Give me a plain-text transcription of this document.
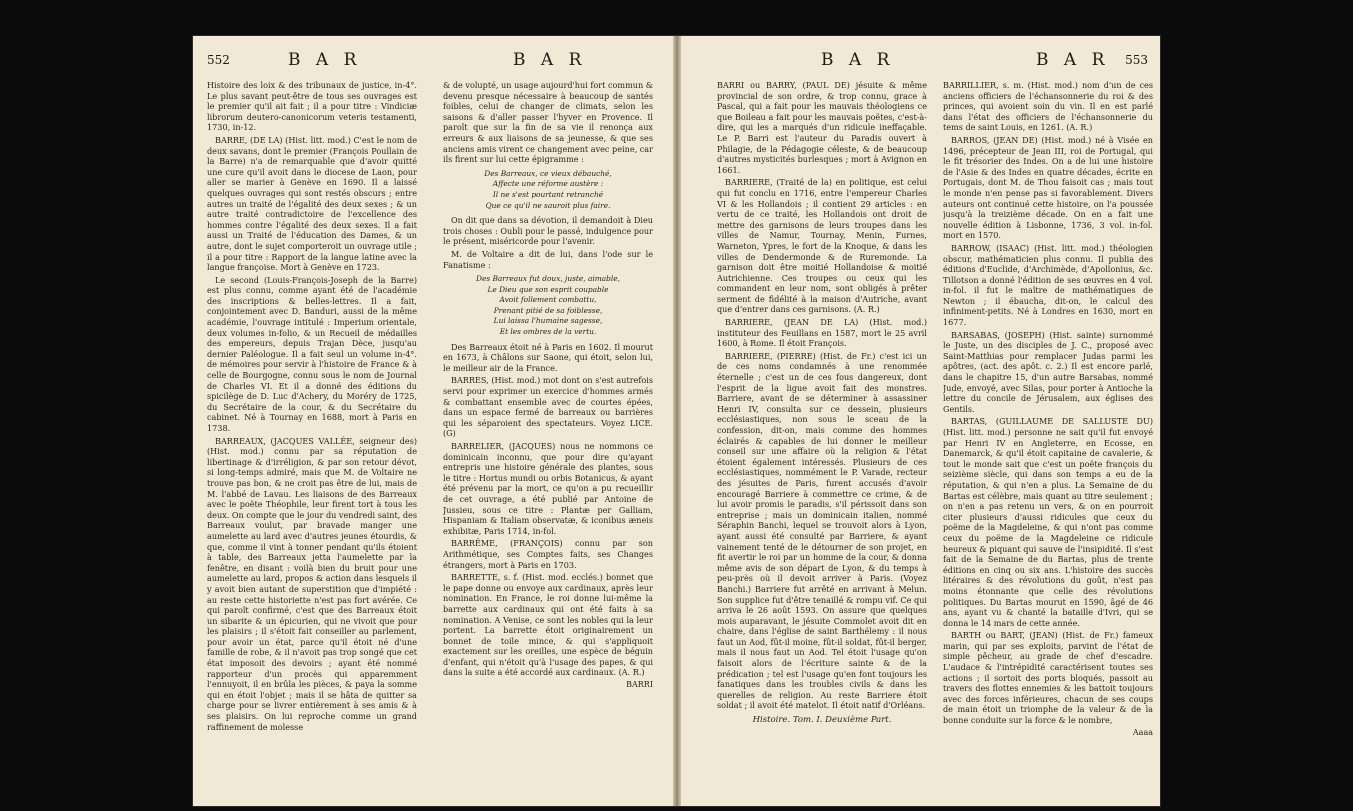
552	B A R	B A R

Histoire des loix & des tribunaux de justice, in-4°. Le plus savant peut-être de tous ses ouvrages est le premier qu'il ait fait ; il a pour titre : Vindiciæ librorum deutero-canonicorum veteris testamenti, 1730, in-12.

BARRE, (DE LA) (Hist. litt. mod.) C'est le nom de deux savans, dont le premier (François Poullain de la Barre) n'a de remarquable que d'avoir quitté une cure qu'il avoit dans le diocese de Laon, pour aller se marier à Genève en 1690. Il a laissé quelques ouvrages qui sont restés obscurs ; entre autres un traité de l'égalité des deux sexes ; & un autre traité contradictoire de l'excellence des hommes contre l'égalité des deux sexes. Il a fait aussi un Traité de l'éducation des Dames, & un autre, dont le sujet comporteroit un ouvrage utile ; il a pour titre : Rapport de la langue latine avec la langue françoise. Mort à Genève en 1723.

Le second (Louis-François-Joseph de la Barre) est plus connu, comme ayant été de l'académie des inscriptions & belles-lettres. Il a fait, conjointement avec D. Banduri, aussi de la même académie, l'ouvrage intitulé : Imperium orientale, deux volumes in-folio, & un Recueil de médailles des empereurs, depuis Trajan Dèce, jusqu'au dernier Paléologue. Il a fait seul un volume in-4°. de mémoires pour servir à l'histoire de France & à celle de Bourgogne, connu sous le nom de Journal de Charles VI. Et il a donné des éditions du spicilège de D. Luc d'Achery, du Moréry de 1725, du Secrétaire de la cour, & du Secrétaire du cabinet. Né à Tournay en 1688, mort à Paris en 1738.

BARREAUX, (JACQUES VALLÉE, seigneur des) (Hist. mod.) connu par sa réputation de libertinage & d'irréligion, & par son retour dévot, si long-temps admiré, mais que M. de Voltaire ne trouve pas bon, & ne croit pas être de lui, mais de M. l'abbé de Lavau. Les liaisons de des Barreaux avec le poëte Théophile, leur firent tort à tous les deux. On compte que le jour du vendredi saint, des Barreaux voulut, par bravade manger une aumelette au lard avec d'autres jeunes étourdis, & que, comme il vint à tonner pendant qu'ils étoient à table, des Barreaux jetta l'aumelette par la fenêtre, en disant : voilà bien du bruit pour une aumelette au lard, propos & action dans lesquels il y avoit bien autant de superstition que d'impiété : au reste cette historiette n'est pas fort avérée. Ce qui paroît confirmé, c'est que des Barreaux étoit un sibarite & un épicurien, qui ne vivoit que pour les plaisirs ; il s'étoit fait conseiller au parlement, pour avoir un état, parce qu'il étoit né d'une famille de robe, & il n'avoit pas trop songé que cet état imposoit des devoirs ; ayant été nommé rapporteur d'un procès qui apparemment l'ennuyoit, il en brûla les pièces, & paya la somme qui en étoit l'objet ; mais il se hâta de quitter sa charge pour se livrer entièrement à ses amis & à ses plaisirs. On lui reproche comme un grand raffinement de molesse

& de volupté, un usage aujourd'hui fort commun & devenu presque nécessaire à beaucoup de santés foibles, celui de changer de climats, selon les saisons & d'aller passer l'hyver en Provence. Il paroît que sur la fin de sa vie il renonça aux erreurs & aux liaisons de sa jeunesse, & que ses anciens amis virent ce changement avec peine, car ils firent sur lui cette épigramme :

Des Barreaux, ce vieux débauché,
Affecte une réforme austère :
Il ne s'est pourtant retranché
Que ce qu'il ne sauroit plus faire.

On dit que dans sa dévotion, il demandoit à Dieu trois choses : Oubli pour le passé, indulgence pour le présent, miséricorde pour l'avenir.

M. de Voltaire a dit de lui, dans l'ode sur le Fanatisme :

Des Barreaux fut doux, juste, aimable,
Le Dieu que son esprit coupable
Avoit follement combattu,
Prenant pitié de sa foiblesse,
Lui laissa l'humaine sagesse,
Et les ombres de la vertu.

Des Barreaux étoit né à Paris en 1602. Il mourut en 1673, à Châlons sur Saone, qui étoit, selon lui, le meilleur air de la France.

BARRES, (Hist. mod.) mot dont on s'est autrefois servi pour exprimer un exercice d'hommes armés & combattant ensemble avec de courtes épées, dans un espace fermé de barreaux ou barrières qui les séparoient des spectateurs. Voyez LICE. (G)

BARRELIER, (JACQUES) nous ne nommons ce dominicain inconnu, que pour dire qu'ayant entrepris une histoire générale des plantes, sous le titre : Hortus mundi ou orbis Botanicus, & ayant été prévenu par la mort, ce qu'on a pu recueillir de cet ouvrage, a été publié par Antoine de Jussieu, sous ce titre : Plantæ per Galliam, Hispaniam & Italiam observatæ, & iconibus æneis exhibitæ, Paris 1714, in-fol.

BARRÊME, (FRANÇOIS) connu par son Arithmétique, ses Comptes faits, ses Changes étrangers, mort à Paris en 1703.

BARRETTE, s. f. (Hist. mod. ecclés.) bonnet que le pape donne ou envoye aux cardinaux, après leur nomination. En France, le roi donne lui-même la barrette aux cardinaux qui ont été faits à sa nomination. A Venise, ce sont les nobles qui la leur portent. La barrette étoit originairement un bonnet de toile mince, & qui s'appliquoit exactement sur les oreilles, une espèce de béguin d'enfant, qui n'étoit qu'à l'usage des papes, & qui dans la suite a été accordé aux cardinaux. (A. R.)

BARRI
B A R	B A R 553

BARRI ou BARRY, (PAUL DE) jésuite & même provincial de son ordre, & trop connu, grace à Pascal, qui a fait pour les mauvais théologiens ce que Boileau a fait pour les mauvais poëtes, c'est-à-dire, qui les a marqués d'un ridicule ineffaçable. Le P. Barri est l'auteur du Paradis ouvert à Philagie, de la Pédagogie céleste, & de beaucoup d'autres mysticités burlesques ; mort à Avignon en 1661.

BARRIERE, (Traité de la) en politique, est celui qui fut conclu en 1716, entre l'empereur Charles VI & les Hollandois ; il contient 29 articles : en vertu de ce traité, les Hollandois ont droit de mettre des garnisons de leurs troupes dans les villes de Namur, Tournay, Menin, Furnes, Warneton, Ypres, le fort de la Knoque, & dans les villes de Dendermonde & de Ruremonde. La garnison doit être moitié Hollandoise & moitié Autrichienne. Ces troupes ou ceux qui les commandent en leur nom, sont obligés à prêter serment de fidélité à la maison d'Autriche, avant que d'entrer dans ces garnisons. (A. R.)

BARRIERE, (JEAN DE LA) (Hist. mod.) instituteur des Feuillans en 1587, mort le 25 avril 1600, à Rome. Il étoit François.

BARRIERE, (PIERRE) (Hist. de Fr.) c'est ici un de ces noms condamnés à une renommée éternelle ; c'est un de ces fous dangereux, dont l'esprit de la ligue avoit fait des monstres. Barriere, avant de se déterminer à assassiner Henri IV, consulta sur ce dessein, plusieurs ecclésiastiques, non sous le sceau de la confession, dit-on, mais comme des hommes éclairés & capables de lui donner le meilleur conseil sur une affaire où la religion & l'état étoient également intéressés. Plusieurs de ces ecclésiastiques, nommément le P. Varade, recteur des jésuites de Paris, furent accusés d'avoir encouragé Barriere à commettre ce crime, & de lui avoir promis le paradis, s'il périssoit dans son entreprise ; mais un dominicain italien, nommé Séraphin Banchi, lequel se trouvoit alors à Lyon, ayant aussi été consulté par Barriere, & ayant vainement tenté de le détourner de son projet, en fit avertir le roi par un homme de la cour, & donna même avis de son départ de Lyon, & du temps à peu-près où il devoit arriver à Paris. (Voyez Banchi.) Barriere fut arrêté en arrivant à Melun. Son supplice fut d'être tenaillé & rompu vif. Ce qui arriva le 26 août 1593. On assure que quelques mois auparavant, le jésuite Commolet avoit dit en chaire, dans l'église de saint Barthélemy : il nous faut un Aod, fût-il moine, fût-il soldat, fût-il berger, mais il nous faut un Aod. Tel étoit l'usage qu'on faisoit alors de l'écriture sainte & de la prédication ; tel est l'usage qu'en font toujours les fanatiques dans les troubles civils & dans les querelles de religion. Au reste Barriere étoit soldat ; il avoit été matelot. Il étoit natif d'Orléans.

Histoire. Tom. I. Deuxième Part.

BARRILLIER, s. m. (Hist. mod.) nom d'un de ces anciens officiers de l'échansonnerie du roi & des princes, qui avoient soin du vin. Il en est parlé dans l'état des officiers de l'échansonnerie du tems de saint Louis, en 1261. (A. R.)

BARROS, (JEAN DE) (Hist. mod.) né à Visée en 1496, précepteur de Jean III, roi de Portugal, qui le fit trésorier des Indes. On a de lui une histoire de l'Asie & des Indes en quatre décades, écrite en Portugais, dont M. de Thou faisoit cas ; mais tout le monde n'en pense pas si favorablement. Divers auteurs ont continué cette histoire, on l'a poussée jusqu'à la treizième décade. On en a fait une nouvelle édition à Lisbonne, 1736, 3 vol. in-fol. mort en 1570.

BARROW, (ISAAC) (Hist. litt. mod.) théologien obscur, mathématicien plus connu. Il publia des éditions d'Euclide, d'Archimède, d'Apollonius, &c. Tillotson a donné l'édition de ses œuvres en 4 vol. in-fol. il fut le maître de mathématiques de Newton ; il ébaucha, dit-on, le calcul des infiniment-petits. Né à Londres en 1630, mort en 1677.

BARSABAS, (JOSEPH) (Hist. sainte) surnommé le Juste, un des disciples de J. C., proposé avec Saint-Matthias pour remplacer Judas parmi les apôtres, (act. des apôt. c. 2.) Il est encore parlé, dans le chapitre 15, d'un autre Barsabas, nommé Jude, envoyé, avec Silas, pour porter à Antioche la lettre du concile de Jérusalem, aux églises des Gentils.

BARTAS, (GUILLAUME DE SALLUSTE DU) (Hist. litt. mod.) personne ne sait qu'il fut envoyé par Henri IV en Angleterre, en Ecosse, en Danemarck, & qu'il étoit capitaine de cavalerie, & tout le monde sait que c'est un poëte françois du seizième siècle, qui dans son temps a eu de la réputation, & qui n'en a plus. La Semaine de du Bartas est célèbre, mais quant au titre seulement ; on n'en a pas retenu un vers, & on en pourroit citer plusieurs d'aussi ridicules que ceux du poëme de la Magdeleine, & qui n'ont pas comme ceux du poëme de la Magdeleine ce ridicule heureux & piquant qui sauve de l'insipidité. Il s'est fait de la Semaine de du Bartas, plus de trente éditions en cinq ou six ans. L'histoire des succès litéraires & des révolutions du goût, n'est pas moins étonnante que celle des révolutions politiques. Du Bartas mourut en 1590, âgé de 46 ans, ayant vu & chanté la bataille d'Ivri, qui se donna le 14 mars de cette année.

BARTH ou BART, (JEAN) (Hist. de Fr.) fameux marin, qui par ses exploits, parvint de l'état de simple pêcheur, au grade de chef d'escadre. L'audace & l'intrépidité caractérisent toutes ses actions ; il sortoit des ports bloqués, passoit au travers des flottes ennemies & les battoit toujours avec des forces inférieures, chacun de ses coups de main étoit un triomphe de la valeur & de la bonne conduite sur la force & le nombre,

Aaaa
